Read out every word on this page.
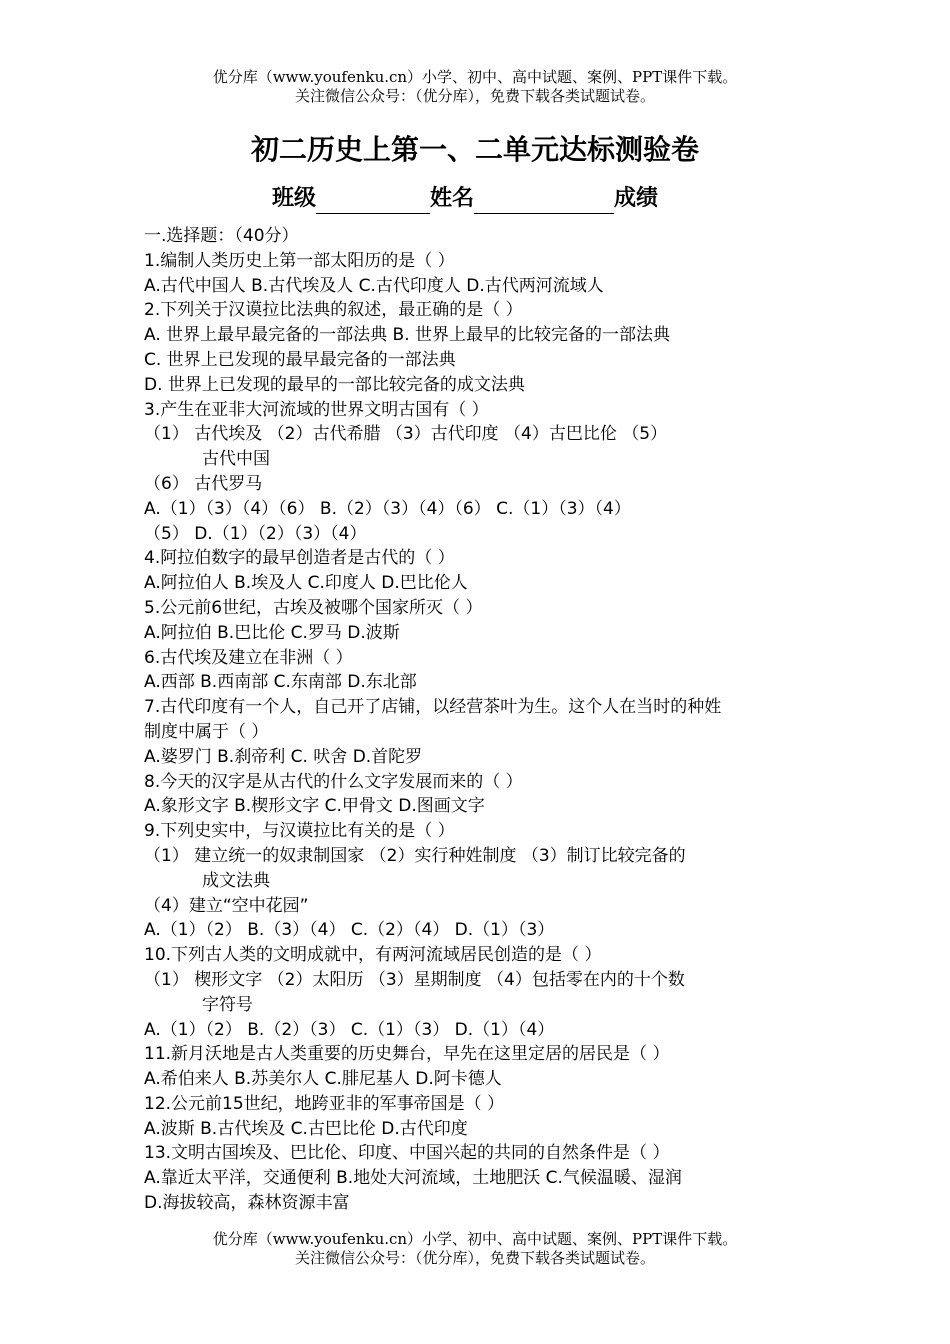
优分库（www.youfenku.cn）小学、初中、高中试题、案例、PPT课件下载。
关注微信公众号：（优分库），免费下载各类试题试卷。
初二历史上第一、二单元达标测验卷
班级	姓名	成绩
一.选择题：（40分）
1.编制人类历史上第一部太阳历的是（ ）
A.古代中国人 B.古代埃及人 C.古代印度人 D.古代两河流域人
2.下列关于汉谟拉比法典的叙述，最正确的是（ ）
A. 世界上最早最完备的一部法典 B. 世界上最早的比较完备的一部法典
C. 世界上已发现的最早最完备的一部法典
D. 世界上已发现的最早的一部比较完备的成文法典
3.产生在亚非大河流域的世界文明古国有（ ）
（1） 古代埃及 （2）古代希腊 （3）古代印度 （4）古巴比伦 （5）
古代中国
（6） 古代罗马
A.（1）（3）（4）（6） B.（2）（3）（4）（6） C.（1）（3）（4）
（5） D.（1）（2）（3）（4）
4.阿拉伯数字的最早创造者是古代的（ ）
A.阿拉伯人 B.埃及人 C.印度人 D.巴比伦人
5.公元前6世纪，古埃及被哪个国家所灭（ ）
A.阿拉伯 B.巴比伦 C.罗马 D.波斯
6.古代埃及建立在非洲（ ）
A.西部 B.西南部 C.东南部 D.东北部
7.古代印度有一个人，自己开了店铺，以经营茶叶为生。这个人在当时的种姓
制度中属于（ ）
A.婆罗门 B.刹帝利 C. 吠舍 D.首陀罗
8.今天的汉字是从古代的什么文字发展而来的（ ）
A.象形文字 B.楔形文字 C.甲骨文 D.图画文字
9.下列史实中，与汉谟拉比有关的是（ ）
（1） 建立统一的奴隶制国家 （2）实行种姓制度 （3）制订比较完备的
成文法典
（4）建立“空中花园”
A.（1）（2） B.（3）（4） C.（2）（4） D.（1）（3）
10.下列古人类的文明成就中，有两河流域居民创造的是（ ）
（1） 楔形文字 （2）太阳历 （3）星期制度 （4）包括零在内的十个数
字符号
A.（1）（2） B.（2）（3） C.（1）（3） D.（1）（4）
11.新月沃地是古人类重要的历史舞台，早先在这里定居的居民是（ ）
A.希伯来人 B.苏美尔人 C.腓尼基人 D.阿卡德人
12.公元前15世纪，地跨亚非的军事帝国是（ ）
A.波斯 B.古代埃及 C.古巴比伦 D.古代印度
13.文明古国埃及、巴比伦、印度、中国兴起的共同的自然条件是（ ）
A.靠近太平洋，交通便利 B.地处大河流域，土地肥沃 C.气候温暖、湿润
D.海拔较高，森林资源丰富
优分库（www.youfenku.cn）小学、初中、高中试题、案例、PPT课件下载。
关注微信公众号：（优分库），免费下载各类试题试卷。
